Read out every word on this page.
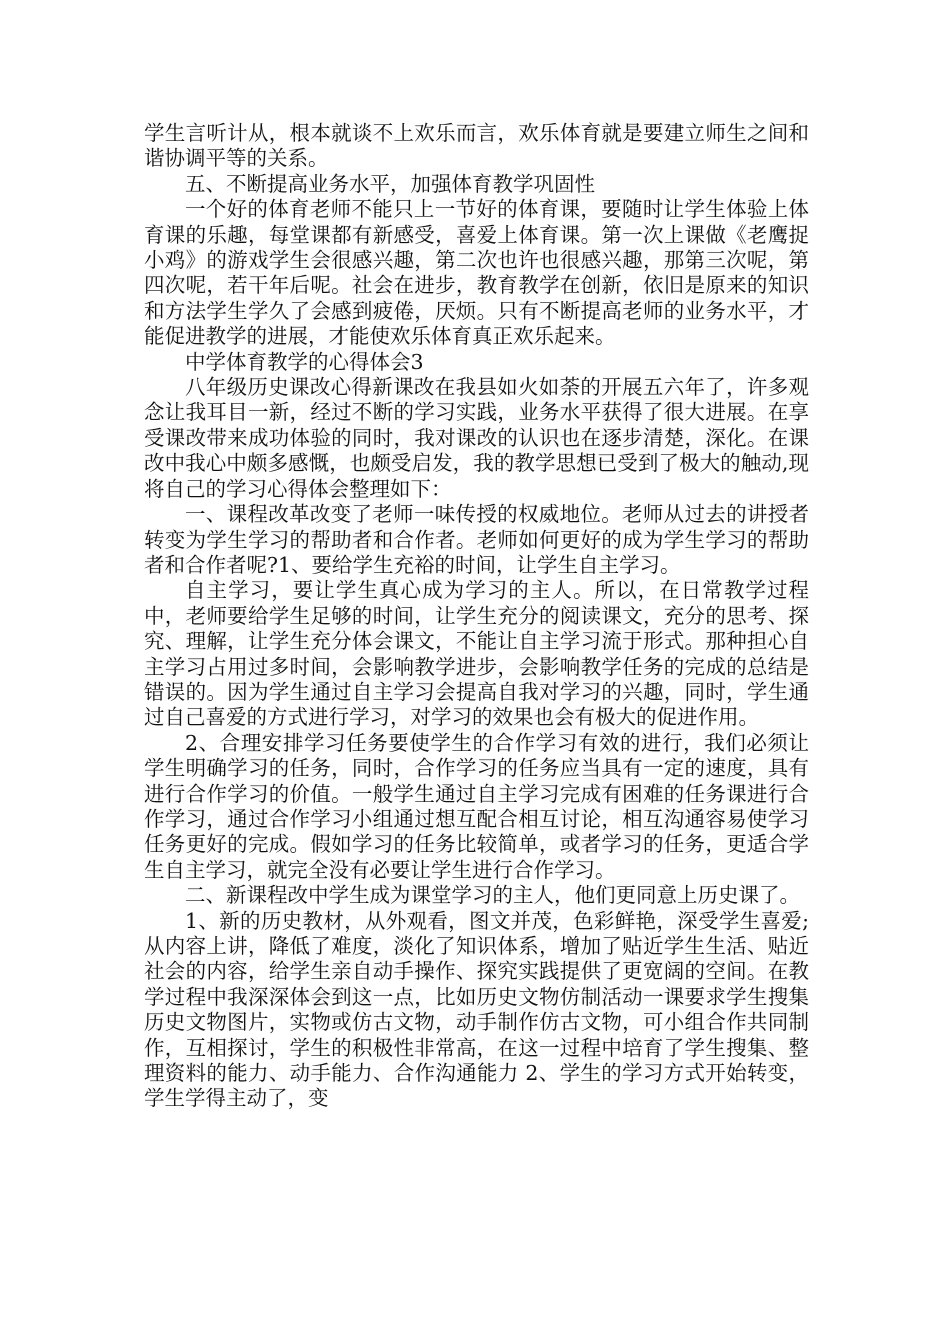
学生言听计从，根本就谈不上欢乐而言，欢乐体育就是要建立师生之间和谐协调平等的关系。

五、不断提高业务水平，加强体育教学巩固性

一个好的体育老师不能只上一节好的体育课，要随时让学生体验上体育课的乐趣，每堂课都有新感受，喜爱上体育课。第一次上课做《老鹰捉小鸡》的游戏学生会很感兴趣，第二次也许也很感兴趣，那第三次呢，第四次呢，若干年后呢。社会在进步，教育教学在创新，依旧是原来的知识和方法学生学久了会感到疲倦，厌烦。只有不断提高老师的业务水平，才能促进教学的进展，才能使欢乐体育真正欢乐起来。

中学体育教学的心得体会3

八年级历史课改心得新课改在我县如火如荼的开展五六年了，许多观念让我耳目一新，经过不断的学习实践，业务水平获得了很大进展。在享受课改带来成功体验的同时，我对课改的认识也在逐步清楚，深化。在课改中我心中颇多感慨，也颇受启发，我的教学思想已受到了极大的触动,现将自己的学习心得体会整理如下：

一、课程改革改变了老师一味传授的权威地位。老师从过去的讲授者转变为学生学习的帮助者和合作者。老师如何更好的成为学生学习的帮助者和合作者呢?1、要给学生充裕的时间，让学生自主学习。

自主学习，要让学生真心成为学习的主人。所以，在日常教学过程中，老师要给学生足够的时间，让学生充分的阅读课文，充分的思考、探究、理解，让学生充分体会课文，不能让自主学习流于形式。那种担心自主学习占用过多时间，会影响教学进步，会影响教学任务的完成的总结是错误的。因为学生通过自主学习会提高自我对学习的兴趣，同时，学生通过自己喜爱的方式进行学习，对学习的效果也会有极大的促进作用。

2、合理安排学习任务要使学生的合作学习有效的进行，我们必须让学生明确学习的任务，同时，合作学习的任务应当具有一定的速度，具有进行合作学习的价值。一般学生通过自主学习完成有困难的任务课进行合作学习，通过合作学习小组通过想互配合相互讨论，相互沟通容易使学习任务更好的完成。假如学习的任务比较简单，或者学习的任务，更适合学生自主学习，就完全没有必要让学生进行合作学习。

二、新课程改中学生成为课堂学习的主人，他们更同意上历史课了。

1、新的历史教材，从外观看，图文并茂，色彩鲜艳，深受学生喜爱;从内容上讲，降低了难度，淡化了知识体系，增加了贴近学生生活、贴近社会的内容，给学生亲自动手操作、探究实践提供了更宽阔的空间。在教学过程中我深深体会到这一点，比如历史文物仿制活动一课要求学生搜集历史文物图片，实物或仿古文物，动手制作仿古文物，可小组合作共同制作，互相探讨，学生的积极性非常高，在这一过程中培育了学生搜集、整理资料的能力、动手能力、合作沟通能力 2、学生的学习方式开始转变，学生学得主动了，变
